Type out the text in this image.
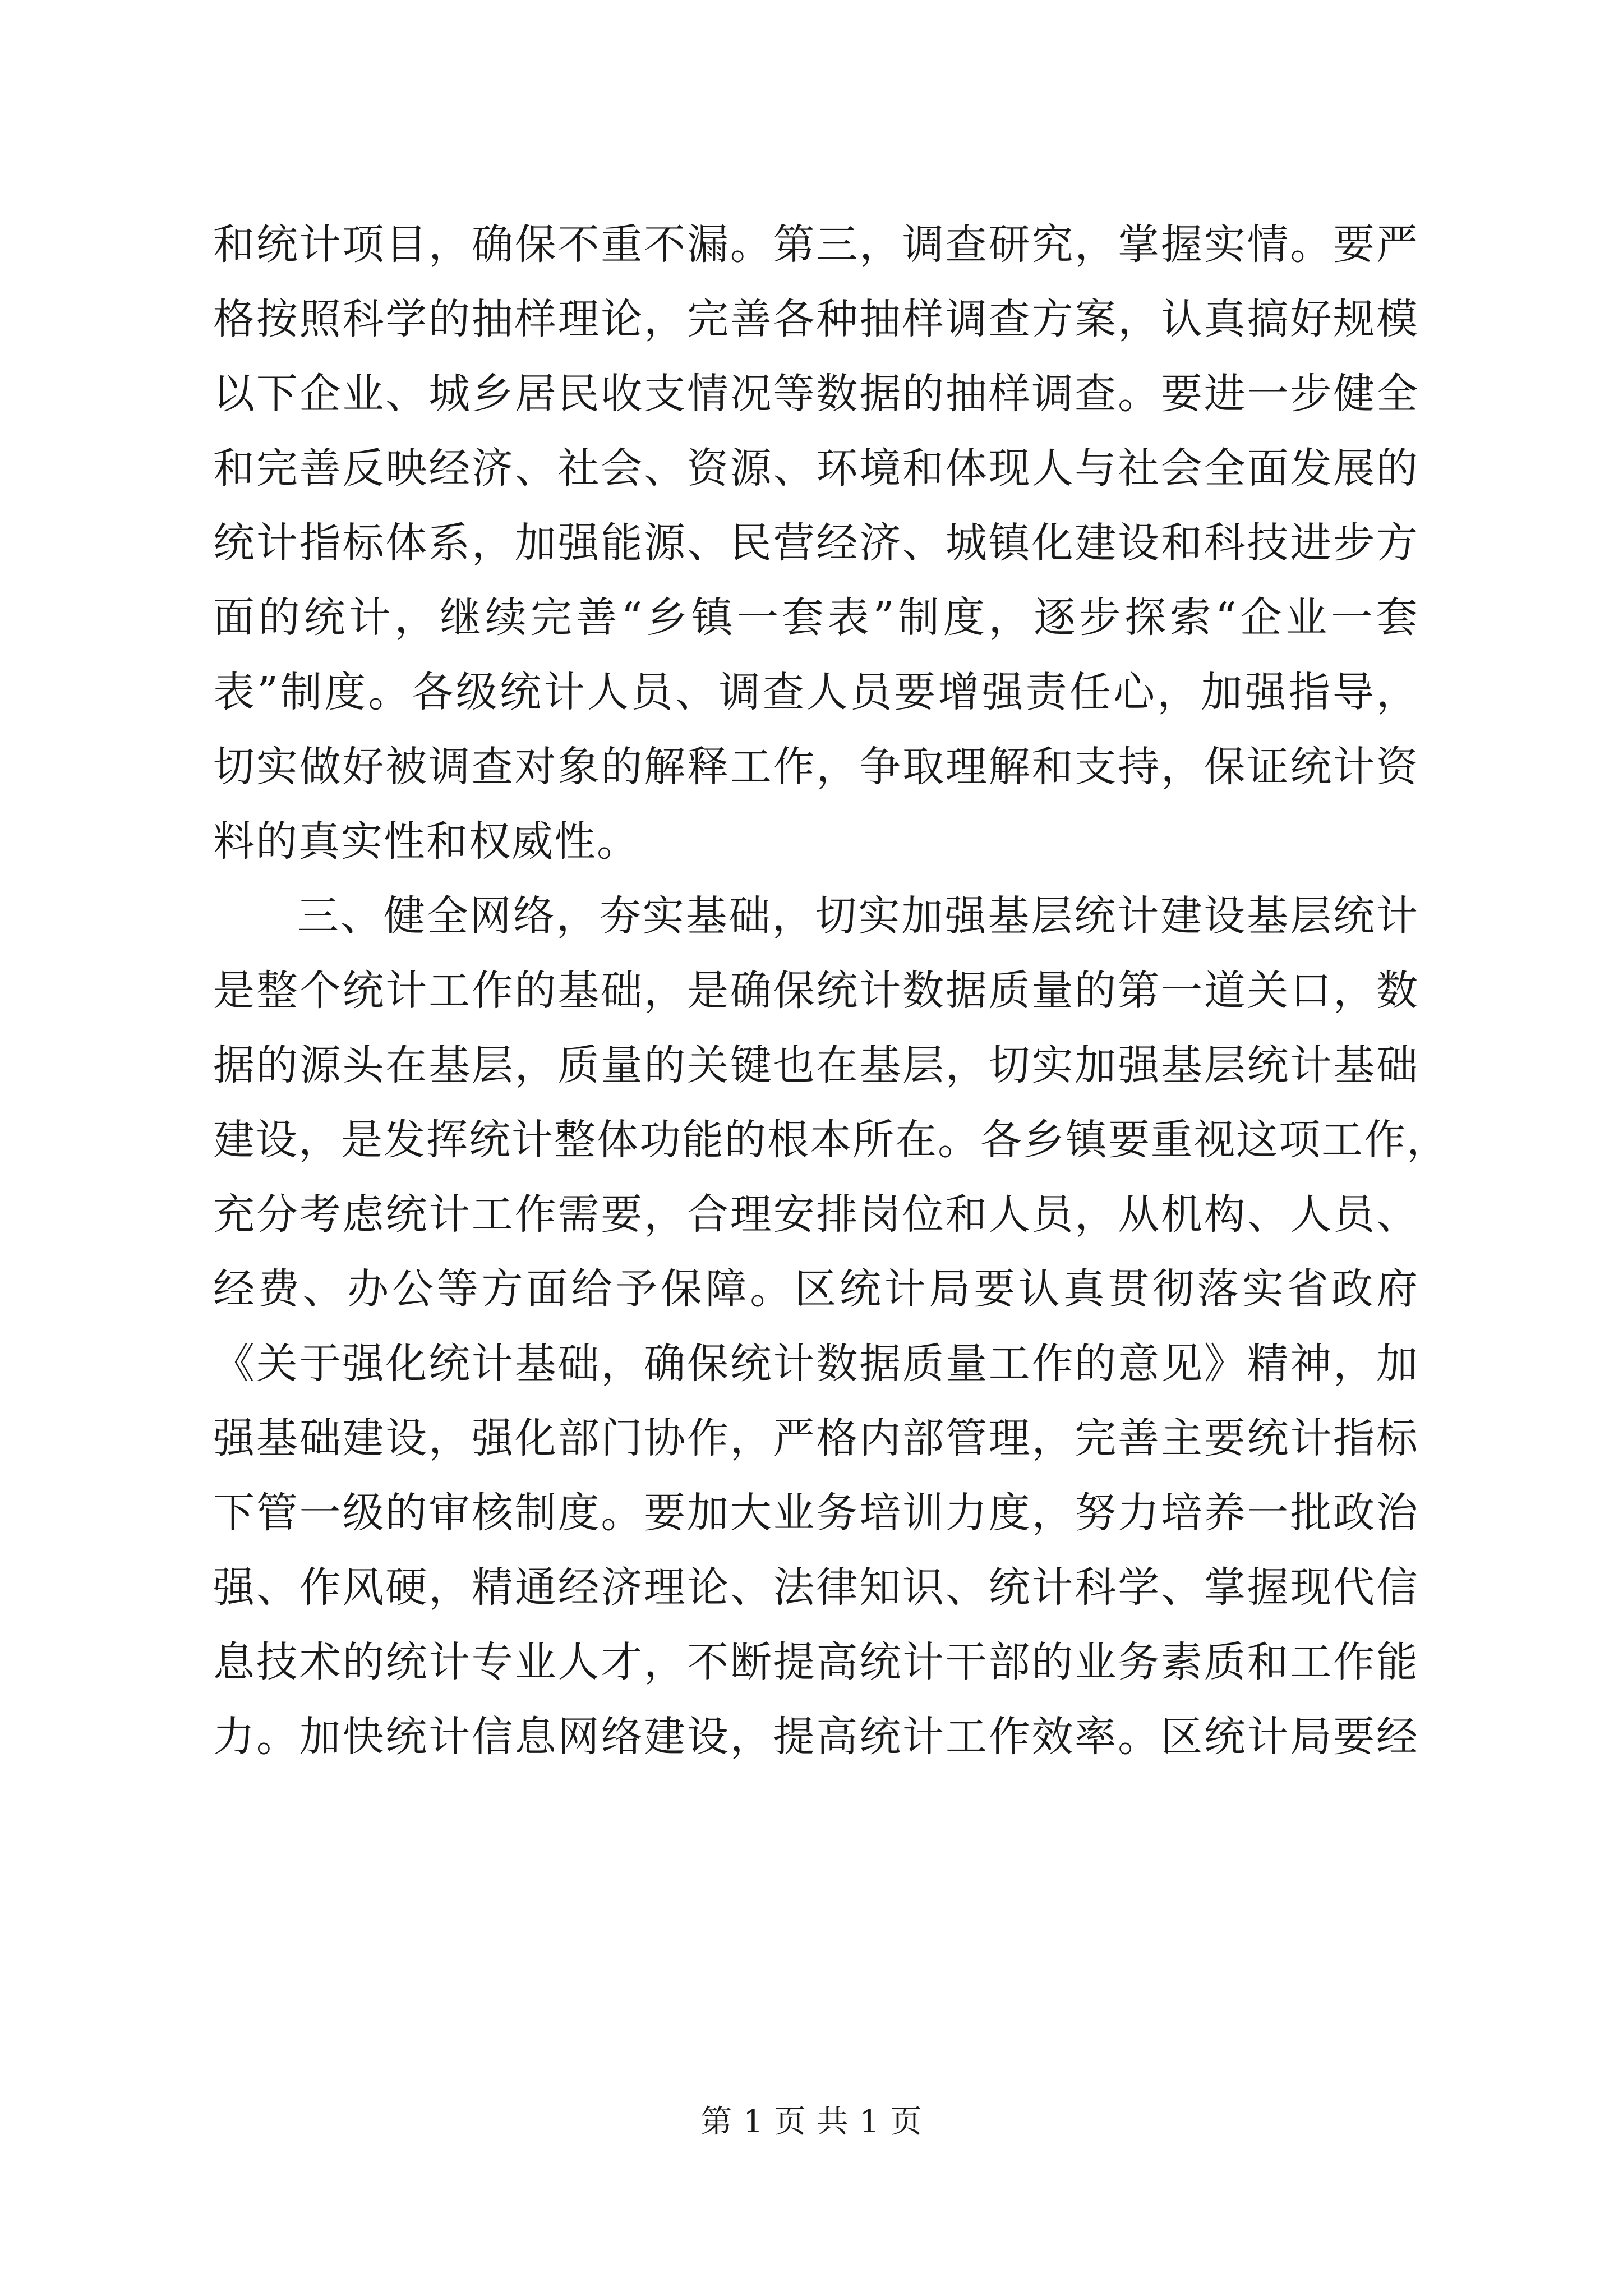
和统计项目，确保不重不漏。第三，调查研究，掌握实情。要严
格按照科学的抽样理论，完善各种抽样调查方案，认真搞好规模
以下企业、城乡居民收支情况等数据的抽样调查。要进一步健全
和完善反映经济、社会、资源、环境和体现人与社会全面发展的
统计指标体系，加强能源、民营经济、城镇化建设和科技进步方
面的统计，继续完善“乡镇一套表”制度，逐步探索“企业一套
表”制度。各级统计人员、调查人员要增强责任心，加强指导，
切实做好被调查对象的解释工作，争取理解和支持，保证统计资
料的真实性和权威性。
三、健全网络，夯实基础，切实加强基层统计建设基层统计
是整个统计工作的基础，是确保统计数据质量的第一道关口，数
据的源头在基层，质量的关键也在基层，切实加强基层统计基础
建设，是发挥统计整体功能的根本所在。各乡镇要重视这项工作，
充分考虑统计工作需要，合理安排岗位和人员，从机构、人员、
经费、办公等方面给予保障。区统计局要认真贯彻落实省政府
《关于强化统计基础，确保统计数据质量工作的意见》精神，加
强基础建设，强化部门协作，严格内部管理，完善主要统计指标
下管一级的审核制度。要加大业务培训力度，努力培养一批政治
强、作风硬，精通经济理论、法律知识、统计科学、掌握现代信
息技术的统计专业人才，不断提高统计干部的业务素质和工作能
力。加快统计信息网络建设，提高统计工作效率。区统计局要经
第 1 页 共 1 页
